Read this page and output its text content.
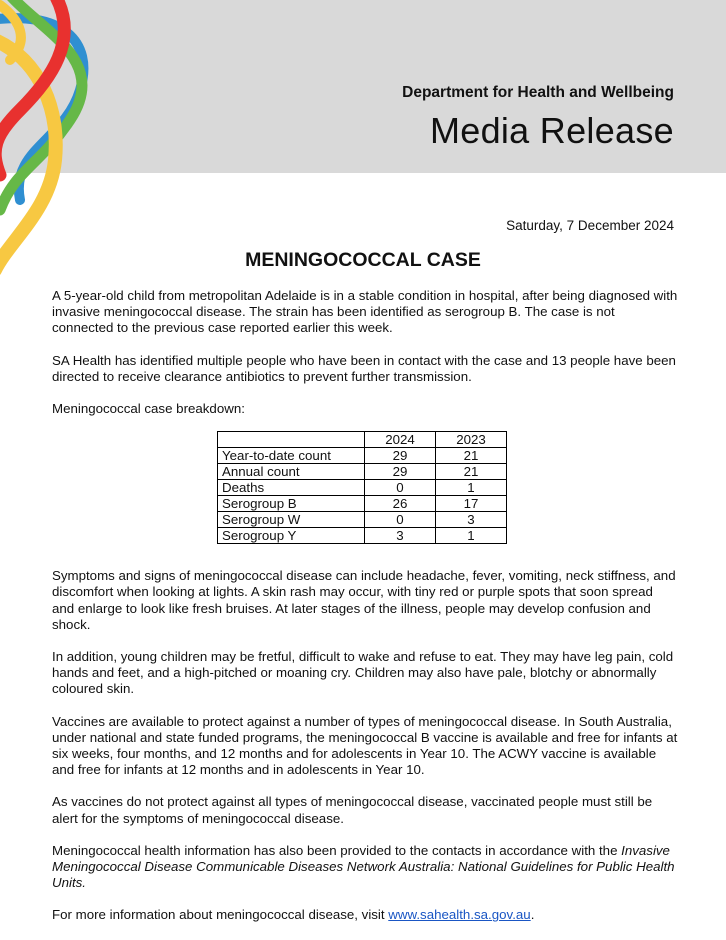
Department for Health and Wellbeing
Media Release
Saturday, 7 December 2024
MENINGOCOCCAL CASE

A 5-year-old child from metropolitan Adelaide is in a stable condition in hospital, after being diagnosed with invasive meningococcal disease. The strain has been identified as serogroup B. The case is not connected to the previous case reported earlier this week.

SA Health has identified multiple people who have been in contact with the case and 13 people have been directed to receive clearance antibiotics to prevent further transmission.

Meningococcal case breakdown:

	2024	2023
Year-to-date count	29	21
Annual count	29	21
Deaths	0	1
Serogroup B	26	17
Serogroup W	0	3
Serogroup Y	3	1

Symptoms and signs of meningococcal disease can include headache, fever, vomiting, neck stiffness, and discomfort when looking at lights. A skin rash may occur, with tiny red or purple spots that soon spread and enlarge to look like fresh bruises. At later stages of the illness, people may develop confusion and shock.

In addition, young children may be fretful, difficult to wake and refuse to eat. They may have leg pain, cold hands and feet, and a high-pitched or moaning cry. Children may also have pale, blotchy or abnormally coloured skin.

Vaccines are available to protect against a number of types of meningococcal disease. In South Australia, under national and state funded programs, the meningococcal B vaccine is available and free for infants at six weeks, four months, and 12 months and for adolescents in Year 10. The ACWY vaccine is available and free for infants at 12 months and in adolescents in Year 10.

As vaccines do not protect against all types of meningococcal disease, vaccinated people must still be alert for the symptoms of meningococcal disease.

Meningococcal health information has also been provided to the contacts in accordance with the Invasive Meningococcal Disease Communicable Diseases Network Australia: National Guidelines for Public Health Units.

For more information about meningococcal disease, visit www.sahealth.sa.gov.au.
